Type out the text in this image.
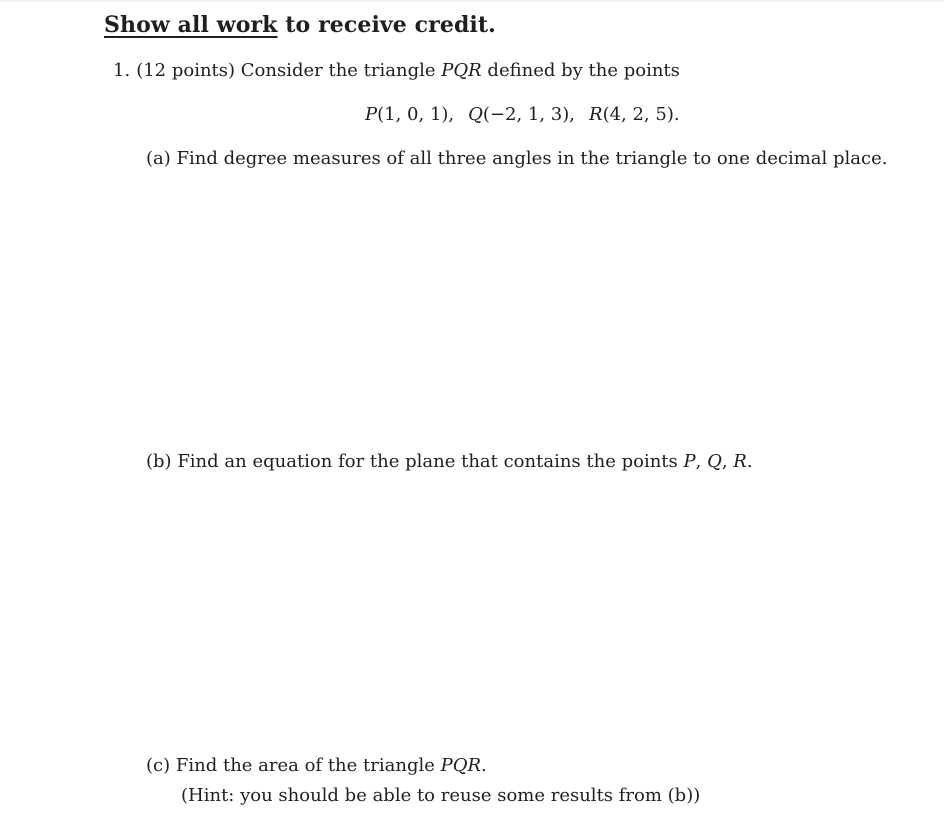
Show all work to receive credit.
1. (12 points) Consider the triangle PQR defined by the points
P(1, 0, 1), Q(−2, 1, 3), R(4, 2, 5).
(a) Find degree measures of all three angles in the triangle to one decimal place.
(b) Find an equation for the plane that contains the points P, Q, R.
(c) Find the area of the triangle PQR.
(Hint: you should be able to reuse some results from (b))
